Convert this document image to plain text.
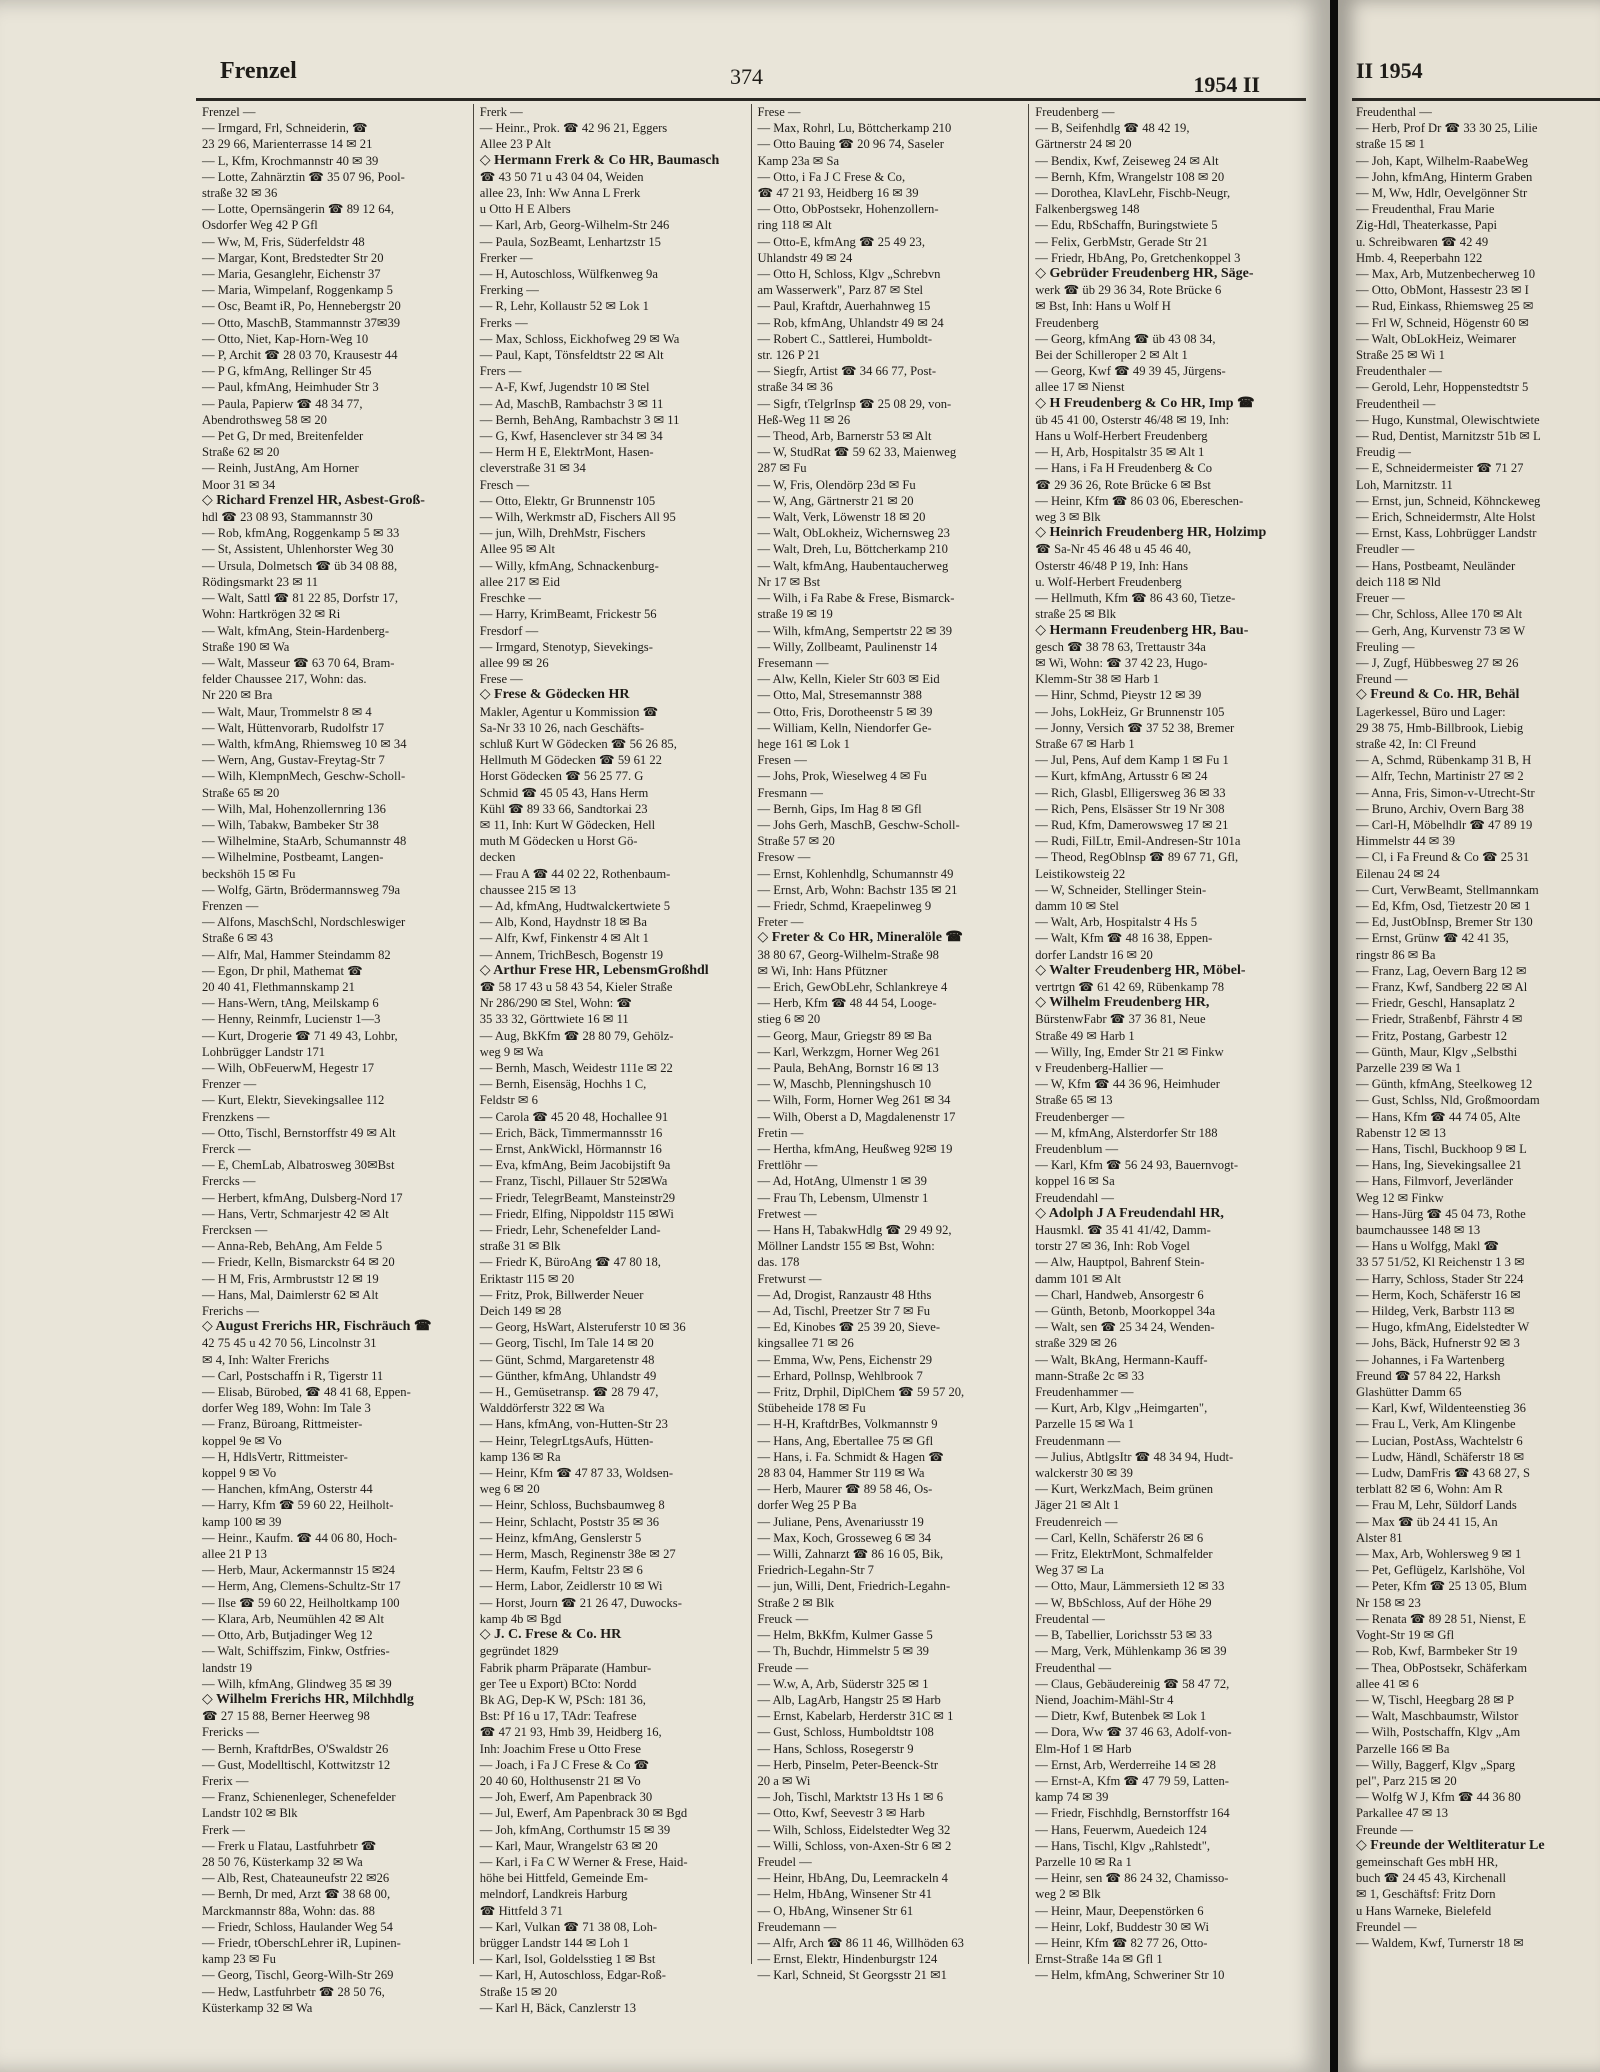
Frenzel	374	1954 II
Frenzel —
— Irmgard, Frl, Schneiderin, ☎
23 29 66, Marienterrasse 14 ✉ 21
— L, Kfm, Krochmannstr 40 ✉ 39
— Lotte, Zahnärztin ☎ 35 07 96, Pool-
straße 32 ✉ 36
— Lotte, Opernsängerin ☎ 89 12 64,
Osdorfer Weg 42 P Gfl
— Ww, M, Fris, Süderfeldstr 48
— Margar, Kont, Bredstedter Str 20
— Maria, Gesanglehr, Eichenstr 37
— Maria, Wimpelanf, Roggenkamp 5
— Osc, Beamt iR, Po, Hennebergstr 20
— Otto, MaschB, Stammannstr 37✉39
— Otto, Niet, Kap-Horn-Weg 10
— P, Archit ☎ 28 03 70, Krausestr 44
— P G, kfmAng, Rellinger Str 45
— Paul, kfmAng, Heimhuder Str 3
— Paula, Papierw ☎ 48 34 77,
Abendrothsweg 58 ✉ 20
— Pet G, Dr med, Breitenfelder
Straße 62 ✉ 20
— Reinh, JustAng, Am Horner
Moor 31 ✉ 34
◇ Richard Frenzel HR, Asbest-Groß-
hdl ☎ 23 08 93, Stammannstr 30
— Rob, kfmAng, Roggenkamp 5 ✉ 33
— St, Assistent, Uhlenhorster Weg 30
— Ursula, Dolmetsch ☎ üb 34 08 88,
Rödingsmarkt 23 ✉ 11
— Walt, Sattl ☎ 81 22 85, Dorfstr 17,
Wohn: Hartkrögen 32 ✉ Ri
— Walt, kfmAng, Stein-Hardenberg-
Straße 190 ✉ Wa
— Walt, Masseur ☎ 63 70 64, Bram-
felder Chaussee 217, Wohn: das.
Nr 220 ✉ Bra
— Walt, Maur, Trommelstr 8 ✉ 4
— Walt, Hüttenvorarb, Rudolfstr 17
— Walth, kfmAng, Rhiemsweg 10 ✉ 34
— Wern, Ang, Gustav-Freytag-Str 7
— Wilh, KlempnMech, Geschw-Scholl-
Straße 65 ✉ 20
— Wilh, Mal, Hohenzollernring 136
— Wilh, Tabakw, Bambeker Str 38
— Wilhelmine, StaArb, Schumannstr 48
— Wilhelmine, Postbeamt, Langen-
beckshöh 15 ✉ Fu
— Wolfg, Gärtn, Brödermannsweg 79a
Frenzen —
— Alfons, MaschSchl, Nordschleswiger
Straße 6 ✉ 43
— Alfr, Mal, Hammer Steindamm 82
— Egon, Dr phil, Mathemat ☎
20 40 41, Flethmannskamp 21
— Hans-Wern, tAng, Meilskamp 6
— Henny, Reinmfr, Lucienstr 1—3
— Kurt, Drogerie ☎ 71 49 43, Lohbr,
Lohbrügger Landstr 171
— Wilh, ObFeuerwM, Hegestr 17
Frenzer —
— Kurt, Elektr, Sievekingsallee 112
Frenzkens —
— Otto, Tischl, Bernstorffstr 49 ✉ Alt
Frerck —
— E, ChemLab, Albatrosweg 30✉Bst
Frercks —
— Herbert, kfmAng, Dulsberg-Nord 17
— Hans, Vertr, Schmarjestr 42 ✉ Alt
Frercksen —
— Anna-Reb, BehAng, Am Felde 5
— Friedr, Kelln, Bismarckstr 64 ✉ 20
— H M, Fris, Armbruststr 12 ✉ 19
— Hans, Mal, Daimlerstr 62 ✉ Alt
Frerichs —
◇ August Frerichs HR, Fischräuch ☎
42 75 45 u 42 70 56, Lincolnstr 31
✉ 4, Inh: Walter Frerichs
— Carl, Postschaffn i R, Tigerstr 11
— Elisab, Bürobed, ☎ 48 41 68, Eppen-
dorfer Weg 189, Wohn: Im Tale 3
— Franz, Büroang, Rittmeister-
koppel 9e ✉ Vo
— H, HdlsVertr, Rittmeister-
koppel 9 ✉ Vo
— Hanchen, kfmAng, Osterstr 44
— Harry, Kfm ☎ 59 60 22, Heilholt-
kamp 100 ✉ 39
— Heinr., Kaufm. ☎ 44 06 80, Hoch-
allee 21 P 13
— Herb, Maur, Ackermannstr 15 ✉24
— Herm, Ang, Clemens-Schultz-Str 17
— Ilse ☎ 59 60 22, Heilholtkamp 100
— Klara, Arb, Neumühlen 42 ✉ Alt
— Otto, Arb, Butjadinger Weg 12
— Walt, Schiffszim, Finkw, Ostfries-
landstr 19
— Wilh, kfmAng, Glindweg 35 ✉ 39
◇ Wilhelm Frerichs HR, Milchhdlg
☎ 27 15 88, Berner Heerweg 98
Frericks —
— Bernh, KraftdrBes, O'Swaldstr 26
— Gust, Modelltischl, Kottwitzstr 12
Frerix —
— Franz, Schienenleger, Schenefelder
Landstr 102 ✉ Blk
Frerk —
— Frerk u Flatau, Lastfuhrbetr ☎
28 50 76, Küsterkamp 32 ✉ Wa
— Alb, Rest, Chateauneufstr 22 ✉26
— Bernh, Dr med, Arzt ☎ 38 68 00,
Marckmannstr 88a, Wohn: das. 88
— Friedr, Schloss, Haulander Weg 54
— Friedr, tOberschLehrer iR, Lupinen-
kamp 23 ✉ Fu
— Georg, Tischl, Georg-Wilh-Str 269
— Hedw, Lastfuhrbetr ☎ 28 50 76,
Küsterkamp 32 ✉ Wa
Frerk —
— Heinr., Prok. ☎ 42 96 21, Eggers
Allee 23 P Alt
◇ Hermann Frerk & Co HR, Baumasch
☎ 43 50 71 u 43 04 04, Weiden
allee 23, Inh: Ww Anna L Frerk
u Otto H E Albers
— Karl, Arb, Georg-Wilhelm-Str 246
— Paula, SozBeamt, Lenhartzstr 15
Frerker —
— H, Autoschloss, Wülfkenweg 9a
Frerking —
— R, Lehr, Kollaustr 52 ✉ Lok 1
Frerks —
— Max, Schloss, Eickhofweg 29 ✉ Wa
— Paul, Kapt, Tönsfeldtstr 22 ✉ Alt
Frers —
— A-F, Kwf, Jugendstr 10 ✉ Stel
— Ad, MaschB, Rambachstr 3 ✉ 11
— Bernh, BehAng, Rambachstr 3 ✉ 11
— G, Kwf, Hasenclever str 34 ✉ 34
— Herm H E, ElektrMont, Hasen-
cleverstraße 31 ✉ 34
Fresch —
— Otto, Elektr, Gr Brunnenstr 105
— Wilh, Werkmstr aD, Fischers All 95
— jun, Wilh, DrehMstr, Fischers
Allee 95 ✉ Alt
— Willy, kfmAng, Schnackenburg-
allee 217 ✉ Eid
Freschke —
— Harry, KrimBeamt, Frickestr 56
Fresdorf —
— Irmgard, Stenotyp, Sievekings-
allee 99 ✉ 26
Frese —
◇ Frese & Gödecken HR
Makler, Agentur u Kommission ☎
Sa-Nr 33 10 26, nach Geschäfts-
schluß Kurt W Gödecken ☎ 56 26 85,
Hellmuth M Gödecken ☎ 59 61 22
Horst Gödecken ☎ 56 25 77. G
Schmid ☎ 45 05 43, Hans Herm
Kühl ☎ 89 33 66, Sandtorkai 23
✉ 11, Inh: Kurt W Gödecken, Hell
muth M Gödecken u Horst Gö-
decken
— Frau A ☎ 44 02 22, Rothenbaum-
chaussee 215 ✉ 13
— Ad, kfmAng, Hudtwalckertwiete 5
— Alb, Kond, Haydnstr 18 ✉ Ba
— Alfr, Kwf, Finkenstr 4 ✉ Alt 1
— Annem, TrichBesch, Bogenstr 19
◇ Arthur Frese HR, LebensmGroßhdl
☎ 58 17 43 u 58 43 54, Kieler Straße
Nr 286/290 ✉ Stel, Wohn: ☎
35 33 32, Görttwiete 16 ✉ 11
— Aug, BkKfm ☎ 28 80 79, Gehölz-
weg 9 ✉ Wa
— Bernh, Masch, Weidestr 111e ✉ 22
— Bernh, Eisensäg, Hochhs 1 C,
Feldstr ✉ 6
— Carola ☎ 45 20 48, Hochallee 91
— Erich, Bäck, Timmermannsstr 16
— Ernst, AnkWickl, Hörmannstr 16
— Eva, kfmAng, Beim Jacobijstift 9a
— Franz, Tischl, Pillauer Str 52✉Wa
— Friedr, TelegrBeamt, Mansteinstr29
— Friedr, Elfing, Nippoldstr 115 ✉Wi
— Friedr, Lehr, Schenefelder Land-
straße 31 ✉ Blk
— Friedr K, BüroAng ☎ 47 80 18,
Eriktastr 115 ✉ 20
— Fritz, Prok, Billwerder Neuer
Deich 149 ✉ 28
— Georg, HsWart, Alsteruferstr 10 ✉ 36
— Georg, Tischl, Im Tale 14 ✉ 20
— Günt, Schmd, Margaretenstr 48
— Günther, kfmAng, Uhlandstr 49
— H., Gemüsetransp. ☎ 28 79 47,
Walddörferstr 322 ✉ Wa
— Hans, kfmAng, von-Hutten-Str 23
— Heinr, TelegrLtgsAufs, Hütten-
kamp 136 ✉ Ra
— Heinr, Kfm ☎ 47 87 33, Woldsen-
weg 6 ✉ 20
— Heinr, Schloss, Buchsbaumweg 8
— Heinr, Schlacht, Poststr 35 ✉ 36
— Heinz, kfmAng, Genslerstr 5
— Herm, Masch, Reginenstr 38e ✉ 27
— Herm, Kaufm, Feltstr 23 ✉ 6
— Herm, Labor, Zeidlerstr 10 ✉ Wi
— Horst, Journ ☎ 21 26 47, Duwocks-
kamp 4b ✉ Bgd
◇ J. C. Frese & Co. HR
gegründet 1829
Fabrik pharm Präparate (Hambur-
ger Tee u Export) BCto: Nordd
Bk AG, Dep-K W, PSch: 181 36,
Bst: Pf 16 u 17, TAdr: Teafrese
☎ 47 21 93, Hmb 39, Heidberg 16,
Inh: Joachim Frese u Otto Frese
— Joach, i Fa J C Frese & Co ☎
20 40 60, Holthusenstr 21 ✉ Vo
— Joh, Ewerf, Am Papenbrack 30
— Jul, Ewerf, Am Papenbrack 30 ✉ Bgd
— Joh, kfmAng, Corthumstr 15 ✉ 39
— Karl, Maur, Wrangelstr 63 ✉ 20
— Karl, i Fa C W Werner & Frese, Haid-
höhe bei Hittfeld, Gemeinde Em-
melndorf, Landkreis Harburg
☎ Hittfeld 3 71
— Karl, Vulkan ☎ 71 38 08, Loh-
brügger Landstr 144 ✉ Loh 1
— Karl, Isol, Goldelsstieg 1 ✉ Bst
— Karl, H, Autoschloss, Edgar-Roß-
Straße 15 ✉ 20
— Karl H, Bäck, Canzlerstr 13
Frese —
— Max, Rohrl, Lu, Böttcherkamp 210
— Otto Bauing ☎ 20 96 74, Saseler
Kamp 23a ✉ Sa
— Otto, i Fa J C Frese & Co,
☎ 47 21 93, Heidberg 16 ✉ 39
— Otto, ObPostsekr, Hohenzollern-
ring 118 ✉ Alt
— Otto-E, kfmAng ☎ 25 49 23,
Uhlandstr 49 ✉ 24
— Otto H, Schloss, Klgv „Schrebvn
am Wasserwerk", Parz 87 ✉ Stel
— Paul, Kraftdr, Auerhahnweg 15
— Rob, kfmAng, Uhlandstr 49 ✉ 24
— Robert C., Sattlerei, Humboldt-
str. 126 P 21
— Siegfr, Artist ☎ 34 66 77, Post-
straße 34 ✉ 36
— Sigfr, tTelgrInsp ☎ 25 08 29, von-
Heß-Weg 11 ✉ 26
— Theod, Arb, Barnerstr 53 ✉ Alt
— W, StudRat ☎ 59 62 33, Maienweg
287 ✉ Fu
— W, Fris, Olendörp 23d ✉ Fu
— W, Ang, Gärtnerstr 21 ✉ 20
— Walt, Verk, Löwenstr 18 ✉ 20
— Walt, ObLokheiz, Wichernsweg 23
— Walt, Dreh, Lu, Böttcherkamp 210
— Walt, kfmAng, Haubentaucherweg
Nr 17 ✉ Bst
— Wilh, i Fa Rabe & Frese, Bismarck-
straße 19 ✉ 19
— Wilh, kfmAng, Sempertstr 22 ✉ 39
— Willy, Zollbeamt, Paulinenstr 14
Fresemann —
— Alw, Kelln, Kieler Str 603 ✉ Eid
— Otto, Mal, Stresemannstr 388
— Otto, Fris, Dorotheenstr 5 ✉ 39
— William, Kelln, Niendorfer Ge-
hege 161 ✉ Lok 1
Fresen —
— Johs, Prok, Wieselweg 4 ✉ Fu
Fresmann —
— Bernh, Gips, Im Hag 8 ✉ Gfl
— Johs Gerh, MaschB, Geschw-Scholl-
Straße 57 ✉ 20
Fresow —
— Ernst, Kohlenhdlg, Schumannstr 49
— Ernst, Arb, Wohn: Bachstr 135 ✉ 21
— Friedr, Schmd, Kraepelinweg 9
Freter —
◇ Freter & Co HR, Mineralöle ☎
38 80 67, Georg-Wilhelm-Straße 98
✉ Wi, Inh: Hans Pfützner
— Erich, GewObLehr, Schlankreye 4
— Herb, Kfm ☎ 48 44 54, Looge-
stieg 6 ✉ 20
— Georg, Maur, Griegstr 89 ✉ Ba
— Karl, Werkzgm, Horner Weg 261
— Paula, BehAng, Bornstr 16 ✉ 13
— W, Maschb, Plenningshusch 10
— Wilh, Form, Horner Weg 261 ✉ 34
— Wilh, Oberst a D, Magdalenenstr 17
Fretin —
— Hertha, kfmAng, Heußweg 92✉ 19
Frettlöhr —
— Ad, HotAng, Ulmenstr 1 ✉ 39
— Frau Th, Lebensm, Ulmenstr 1
Fretwest —
— Hans H, TabakwHdlg ☎ 29 49 92,
Möllner Landstr 155 ✉ Bst, Wohn:
das. 178
Fretwurst —
— Ad, Drogist, Ranzaustr 48 Hths
— Ad, Tischl, Preetzer Str 7 ✉ Fu
— Ed, Kinobes ☎ 25 39 20, Sieve-
kingsallee 71 ✉ 26
— Emma, Ww, Pens, Eichenstr 29
— Erhard, Pollnsp, Wehlbrook 7
— Fritz, Drphil, DiplChem ☎ 59 57 20,
Stübeheide 178 ✉ Fu
— H-H, KraftdrBes, Volkmannstr 9
— Hans, Ang, Ebertallee 75 ✉ Gfl
— Hans, i. Fa. Schmidt & Hagen ☎
28 83 04, Hammer Str 119 ✉ Wa
— Herb, Maurer ☎ 89 58 46, Os-
dorfer Weg 25 P Ba
— Juliane, Pens, Avenariusstr 19
— Max, Koch, Grosseweg 6 ✉ 34
— Willi, Zahnarzt ☎ 86 16 05, Bik,
Friedrich-Legahn-Str 7
— jun, Willi, Dent, Friedrich-Legahn-
Straße 2 ✉ Blk
Freuck —
— Helm, BkKfm, Kulmer Gasse 5
— Th, Buchdr, Himmelstr 5 ✉ 39
Freude —
— W.w, A, Arb, Süderstr 325 ✉ 1
— Alb, LagArb, Hangstr 25 ✉ Harb
— Ernst, Kabelarb, Herderstr 31C ✉ 1
— Gust, Schloss, Humboldtstr 108
— Hans, Schloss, Rosegerstr 9
— Herb, Pinselm, Peter-Beenck-Str
20 a ✉ Wi
— Joh, Tischl, Marktstr 13 Hs 1 ✉ 6
— Otto, Kwf, Seevestr 3 ✉ Harb
— Wilh, Schloss, Eidelstedter Weg 32
— Willi, Schloss, von-Axen-Str 6 ✉ 2
Freudel —
— Heinr, HbAng, Du, Leemrackeln 4
— Helm, HbAng, Winsener Str 41
— O, HbAng, Winsener Str 61
Freudemann —
— Alfr, Arch ☎ 86 11 46, Willhöden 63
— Ernst, Elektr, Hindenburgstr 124
— Karl, Schneid, St Georgsstr 21 ✉1
Freudenberg —
— B, Seifenhdlg ☎ 48 42 19,
Gärtnerstr 24 ✉ 20
— Bendix, Kwf, Zeiseweg 24 ✉ Alt
— Bernh, Kfm, Wrangelstr 108 ✉ 20
— Dorothea, KlavLehr, Fischb-Neugr,
Falkenbergsweg 148
— Edu, RbSchaffn, Buringstwiete 5
— Felix, GerbMstr, Gerade Str 21
— Friedr, HbAng, Po, Gretchenkoppel 3
◇ Gebrüder Freudenberg HR, Säge-
werk ☎ üb 29 36 34, Rote Brücke 6
✉ Bst, Inh: Hans u Wolf H
Freudenberg
— Georg, kfmAng ☎ üb 43 08 34,
Bei der Schilleroper 2 ✉ Alt 1
— Georg, Kwf ☎ 49 39 45, Jürgens-
allee 17 ✉ Nienst
◇ H Freudenberg & Co HR, Imp ☎
üb 45 41 00, Osterstr 46/48 ✉ 19, Inh:
Hans u Wolf-Herbert Freudenberg
— H, Arb, Hospitalstr 35 ✉ Alt 1
— Hans, i Fa H Freudenberg & Co
☎ 29 36 26, Rote Brücke 6 ✉ Bst
— Heinr, Kfm ☎ 86 03 06, Ebereschen-
weg 3 ✉ Blk
◇ Heinrich Freudenberg HR, Holzimp
☎ Sa-Nr 45 46 48 u 45 46 40,
Osterstr 46/48 P 19, Inh: Hans
u. Wolf-Herbert Freudenberg
— Hellmuth, Kfm ☎ 86 43 60, Tietze-
straße 25 ✉ Blk
◇ Hermann Freudenberg HR, Bau-
gesch ☎ 38 78 63, Trettaustr 34a
✉ Wi, Wohn: ☎ 37 42 23, Hugo-
Klemm-Str 38 ✉ Harb 1
— Hinr, Schmd, Pieystr 12 ✉ 39
— Johs, LokHeiz, Gr Brunnenstr 105
— Jonny, Versich ☎ 37 52 38, Bremer
Straße 67 ✉ Harb 1
— Jul, Pens, Auf dem Kamp 1 ✉ Fu 1
— Kurt, kfmAng, Artusstr 6 ✉ 24
— Rich, Glasbl, Elligersweg 36 ✉ 33
— Rich, Pens, Elsässer Str 19 Nr 308
— Rud, Kfm, Damerowsweg 17 ✉ 21
— Rudi, FilLtr, Emil-Andresen-Str 101a
— Theod, RegOblnsp ☎ 89 67 71, Gfl,
Leistikowsteig 22
— W, Schneider, Stellinger Stein-
damm 10 ✉ Stel
— Walt, Arb, Hospitalstr 4 Hs 5
— Walt, Kfm ☎ 48 16 38, Eppen-
dorfer Landstr 16 ✉ 20
◇ Walter Freudenberg HR, Möbel-
vertrtgn ☎ 61 42 69, Rübenkamp 78
◇ Wilhelm Freudenberg HR,
BürstenwFabr ☎ 37 36 81, Neue
Straße 49 ✉ Harb 1
— Willy, Ing, Emder Str 21 ✉ Finkw
v Freudenberg-Hallier —
— W, Kfm ☎ 44 36 96, Heimhuder
Straße 65 ✉ 13
Freudenberger —
— M, kfmAng, Alsterdorfer Str 188
Freudenblum —
— Karl, Kfm ☎ 56 24 93, Bauernvogt-
koppel 16 ✉ Sa
Freudendahl —
◇ Adolph J A Freudendahl HR,
Hausmkl. ☎ 35 41 41/42, Damm-
torstr 27 ✉ 36, Inh: Rob Vogel
— Alw, Hauptpol, Bahrenf Stein-
damm 101 ✉ Alt
— Charl, Handweb, Ansorgestr 6
— Günth, Betonb, Moorkoppel 34a
— Walt, sen ☎ 25 34 24, Wenden-
straße 329 ✉ 26
— Walt, BkAng, Hermann-Kauff-
mann-Straße 2c ✉ 33
Freudenhammer —
— Kurt, Arb, Klgv „Heimgarten",
Parzelle 15 ✉ Wa 1
Freudenmann —
— Julius, AbtlgsItr ☎ 48 34 94, Hudt-
walckerstr 30 ✉ 39
— Kurt, WerkzMach, Beim grünen
Jäger 21 ✉ Alt 1
Freudenreich —
— Carl, Kelln, Schäferstr 26 ✉ 6
— Fritz, ElektrMont, Schmalfelder
Weg 37 ✉ La
— Otto, Maur, Lämmersieth 12 ✉ 33
— W, BbSchloss, Auf der Höhe 29
Freudental —
— B, Tabellier, Lorichsstr 53 ✉ 33
— Marg, Verk, Mühlenkamp 36 ✉ 39
Freudenthal —
— Claus, Gebäudereinig ☎ 58 47 72,
Niend, Joachim-Mähl-Str 4
— Dietr, Kwf, Butenbek ✉ Lok 1
— Dora, Ww ☎ 37 46 63, Adolf-von-
Elm-Hof 1 ✉ Harb
— Ernst, Arb, Werderreihe 14 ✉ 28
— Ernst-A, Kfm ☎ 47 79 59, Latten-
kamp 74 ✉ 39
— Friedr, Fischhdlg, Bernstorffstr 164
— Hans, Feuerwm, Auedeich 124
— Hans, Tischl, Klgv „Rahlstedt",
Parzelle 10 ✉ Ra 1
— Heinr, sen ☎ 86 24 32, Chamisso-
weg 2 ✉ Blk
— Heinr, Maur, Deepenstörken 6
— Heinr, Lokf, Buddestr 30 ✉ Wi
— Heinr, Kfm ☎ 82 77 26, Otto-
Ernst-Straße 14a ✉ Gfl 1
— Helm, kfmAng, Schweriner Str 10
II 1954
Freudenthal —
— Herb, Prof Dr ☎ 33 30 25, Lilie
straße 15 ✉ 1
— Joh, Kapt, Wilhelm-RaabeWeg
— John, kfmAng, Hinterm Graben
— M, Ww, Hdlr, Oevelgönner Str
— Freudenthal, Frau Marie
Zig-Hdl, Theaterkasse, Papi
u. Schreibwaren ☎ 42 49
Hmb. 4, Reeperbahn 122
— Max, Arb, Mutzenbecherweg 10
— Otto, ObMont, Hassestr 23 ✉ I
— Rud, Einkass, Rhiemsweg 25 ✉
— Frl W, Schneid, Högenstr 60 ✉
— Walt, ObLokHeiz, Weimarer
Straße 25 ✉ Wi 1
Freudenthaler —
— Gerold, Lehr, Hoppenstedtstr 5
Freudentheil —
— Hugo, Kunstmal, Olewischtwiete
— Rud, Dentist, Marnitzstr 51b ✉ L
Freudig —
— E, Schneidermeister ☎ 71 27
Loh, Marnitzstr. 11
— Ernst, jun, Schneid, Köhnckeweg
— Erich, Schneidermstr, Alte Holst
— Ernst, Kass, Lohbrügger Landstr
Freudler —
— Hans, Postbeamt, Neuländer
deich 118 ✉ Nld
Freuer —
— Chr, Schloss, Allee 170 ✉ Alt
— Gerh, Ang, Kurvenstr 73 ✉ W
Freuling —
— J, Zugf, Hübbesweg 27 ✉ 26
Freund —
◇ Freund & Co. HR, Behäl
Lagerkessel, Büro und Lager:
29 38 75, Hmb-Billbrook, Liebig
straße 42, In: Cl Freund
— A, Schmd, Rübenkamp 31 B, H
— Alfr, Techn, Martinistr 27 ✉ 2
— Anna, Fris, Simon-v-Utrecht-Str
— Bruno, Archiv, Overn Barg 38
— Carl-H, Möbelhdlr ☎ 47 89 19
Himmelstr 44 ✉ 39
— Cl, i Fa Freund & Co ☎ 25 31
Eilenau 24 ✉ 24
— Curt, VerwBeamt, Stellmannkam
— Ed, Kfm, Osd, Tietzestr 20 ✉ 1
— Ed, JustObInsp, Bremer Str 130
— Ernst, Grünw ☎ 42 41 35,
ringstr 86 ✉ Ba
— Franz, Lag, Oevern Barg 12 ✉
— Franz, Kwf, Sandberg 22 ✉ Al
— Friedr, Geschl, Hansaplatz 2
— Friedr, Straßenbf, Fährstr 4 ✉
— Fritz, Postang, Garbestr 12
— Günth, Maur, Klgv „Selbsthi
Parzelle 239 ✉ Wa 1
— Günth, kfmAng, Steelkoweg 12
— Gust, Schlss, Nld, Großmoordam
— Hans, Kfm ☎ 44 74 05, Alte
Rabenstr 12 ✉ 13
— Hans, Tischl, Buckhoop 9 ✉ L
— Hans, Ing, Sievekingsallee 21
— Hans, Filmvorf, Jeverländer
Weg 12 ✉ Finkw
— Hans-Jürg ☎ 45 04 73, Rothe
baumchaussee 148 ✉ 13
— Hans u Wolfgg, Makl ☎
33 57 51/52, Kl Reichenstr 1 3 ✉
— Harry, Schloss, Stader Str 224
— Herm, Koch, Schäferstr 16 ✉
— Hildeg, Verk, Barbstr 113 ✉
— Hugo, kfmAng, Eidelstedter W
— Johs, Bäck, Hufnerstr 92 ✉ 3
— Johannes, i Fa Wartenberg
Freund ☎ 57 84 22, Harksh
Glashütter Damm 65
— Karl, Kwf, Wildenteenstieg 36
— Frau L, Verk, Am Klingenbe
— Lucian, PostAss, Wachtelstr 6
— Ludw, Händl, Schäferstr 18 ✉
— Ludw, DamFris ☎ 43 68 27, S
terblatt 82 ✉ 6, Wohn: Am R
— Frau M, Lehr, Süldorf Lands
— Max ☎ üb 24 41 15, An
Alster 81
— Max, Arb, Wohlersweg 9 ✉ 1
— Pet, Geflügelz, Karlshöhe, Vol
— Peter, Kfm ☎ 25 13 05, Blum
Nr 158 ✉ 23
— Renata ☎ 89 28 51, Nienst, E
Voght-Str 19 ✉ Gfl
— Rob, Kwf, Barmbeker Str 19
— Thea, ObPostsekr, Schäferkam
allee 41 ✉ 6
— W, Tischl, Heegbarg 28 ✉ P
— Walt, Maschbaumstr, Wilstor
— Wilh, Postschaffn, Klgv „Am
Parzelle 166 ✉ Ba
— Willy, Baggerf, Klgv „Sparg
pel", Parz 215 ✉ 20
— Wolfg W J, Kfm ☎ 44 36 80
Parkallee 47 ✉ 13
Freunde —
◇ Freunde der Weltliteratur Le
gemeinschaft Ges mbH HR,
buch ☎ 24 45 43, Kirchenall
✉ 1, Geschäftsf: Fritz Dorn
u Hans Warneke, Bielefeld
Freundel —
— Waldem, Kwf, Turnerstr 18 ✉
